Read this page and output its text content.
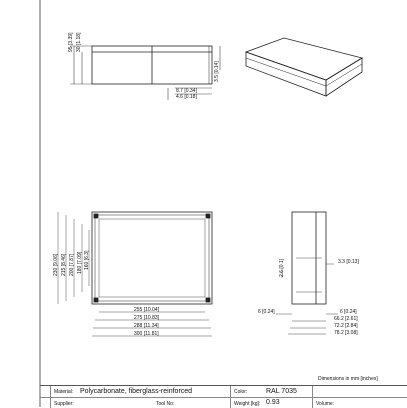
95 [3.39] 30 [1.18]
3.5 [0.14]
8.7 [0.34]
4.6 [0.18]
230 [9.06] 215 [8.46] 200 [7.87] 180 [7.09] 160 [6.3]
255 [10.04]
275 [10.83]
288 [11.34]
300 [11.81]
2.6 [0.1]	3.3 [0.13]
6 [0.24]	6 [0.24]
66.2 [2.61]
72.2 [2.84]
78.2 [3.08]
Dimensions in mm [inches]
Material: Polycarbonate, fiberglass-reinforced	Color:	RAL 7035
Supplier:	Tool No:	Weight [kg]: 0.93	Volume:
